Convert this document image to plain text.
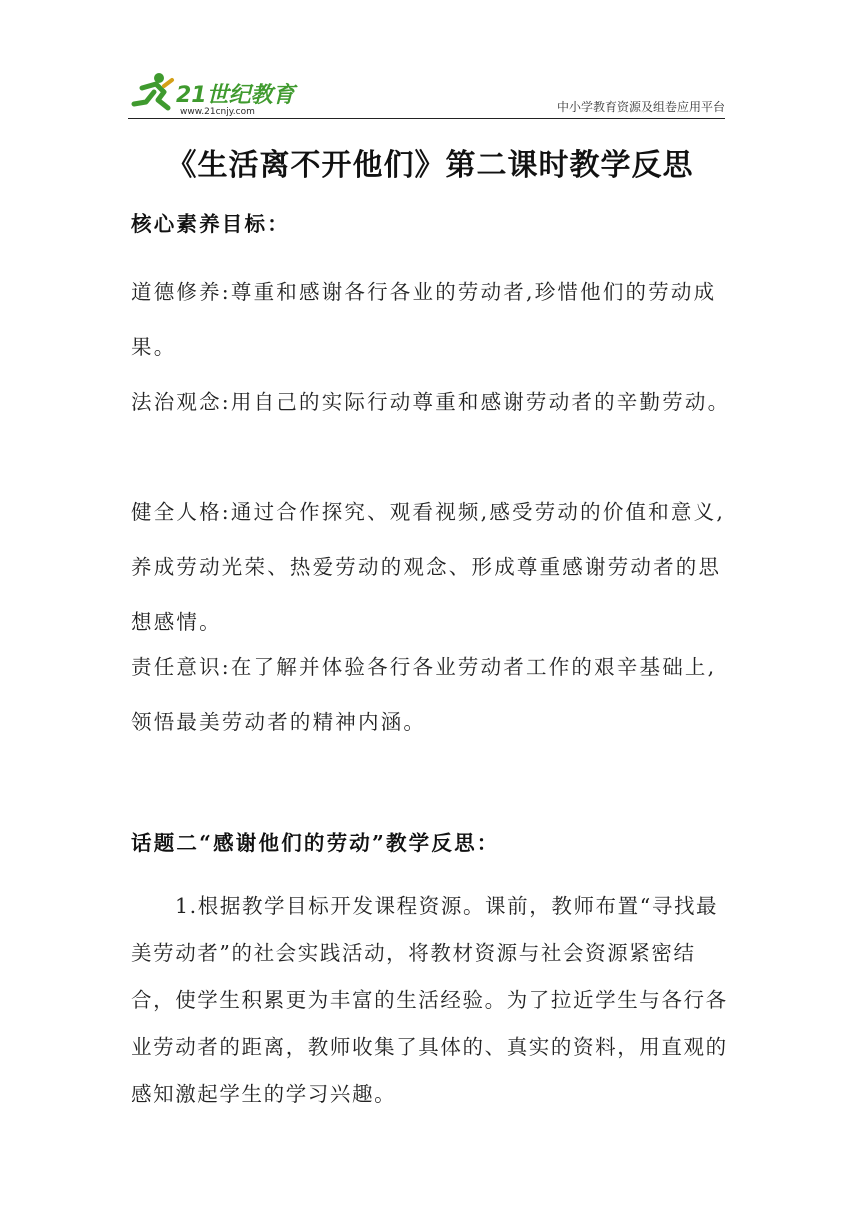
21世纪教育
www.21cnjy.com	中小学教育资源及组卷应用平台
《生活离不开他们》第二课时教学反思

核心素养目标：

道德修养:尊重和感谢各行各业的劳动者,珍惜他们的劳动成果。

法治观念:用自己的实际行动尊重和感谢劳动者的辛勤劳动。

健全人格:通过合作探究、观看视频,感受劳动的价值和意义,养成劳动光荣、热爱劳动的观念、形成尊重感谢劳动者的思想感情。

责任意识:在了解并体验各行各业劳动者工作的艰辛基础上,领悟最美劳动者的精神内涵。

话题二“感谢他们的劳动”教学反思：

1.根据教学目标开发课程资源。课前，教师布置“寻找最美劳动者”的社会实践活动，将教材资源与社会资源紧密结合，使学生积累更为丰富的生活经验。为了拉近学生与各行各业劳动者的距离，教师收集了具体的、真实的资料，用直观的感知激起学生的学习兴趣。
